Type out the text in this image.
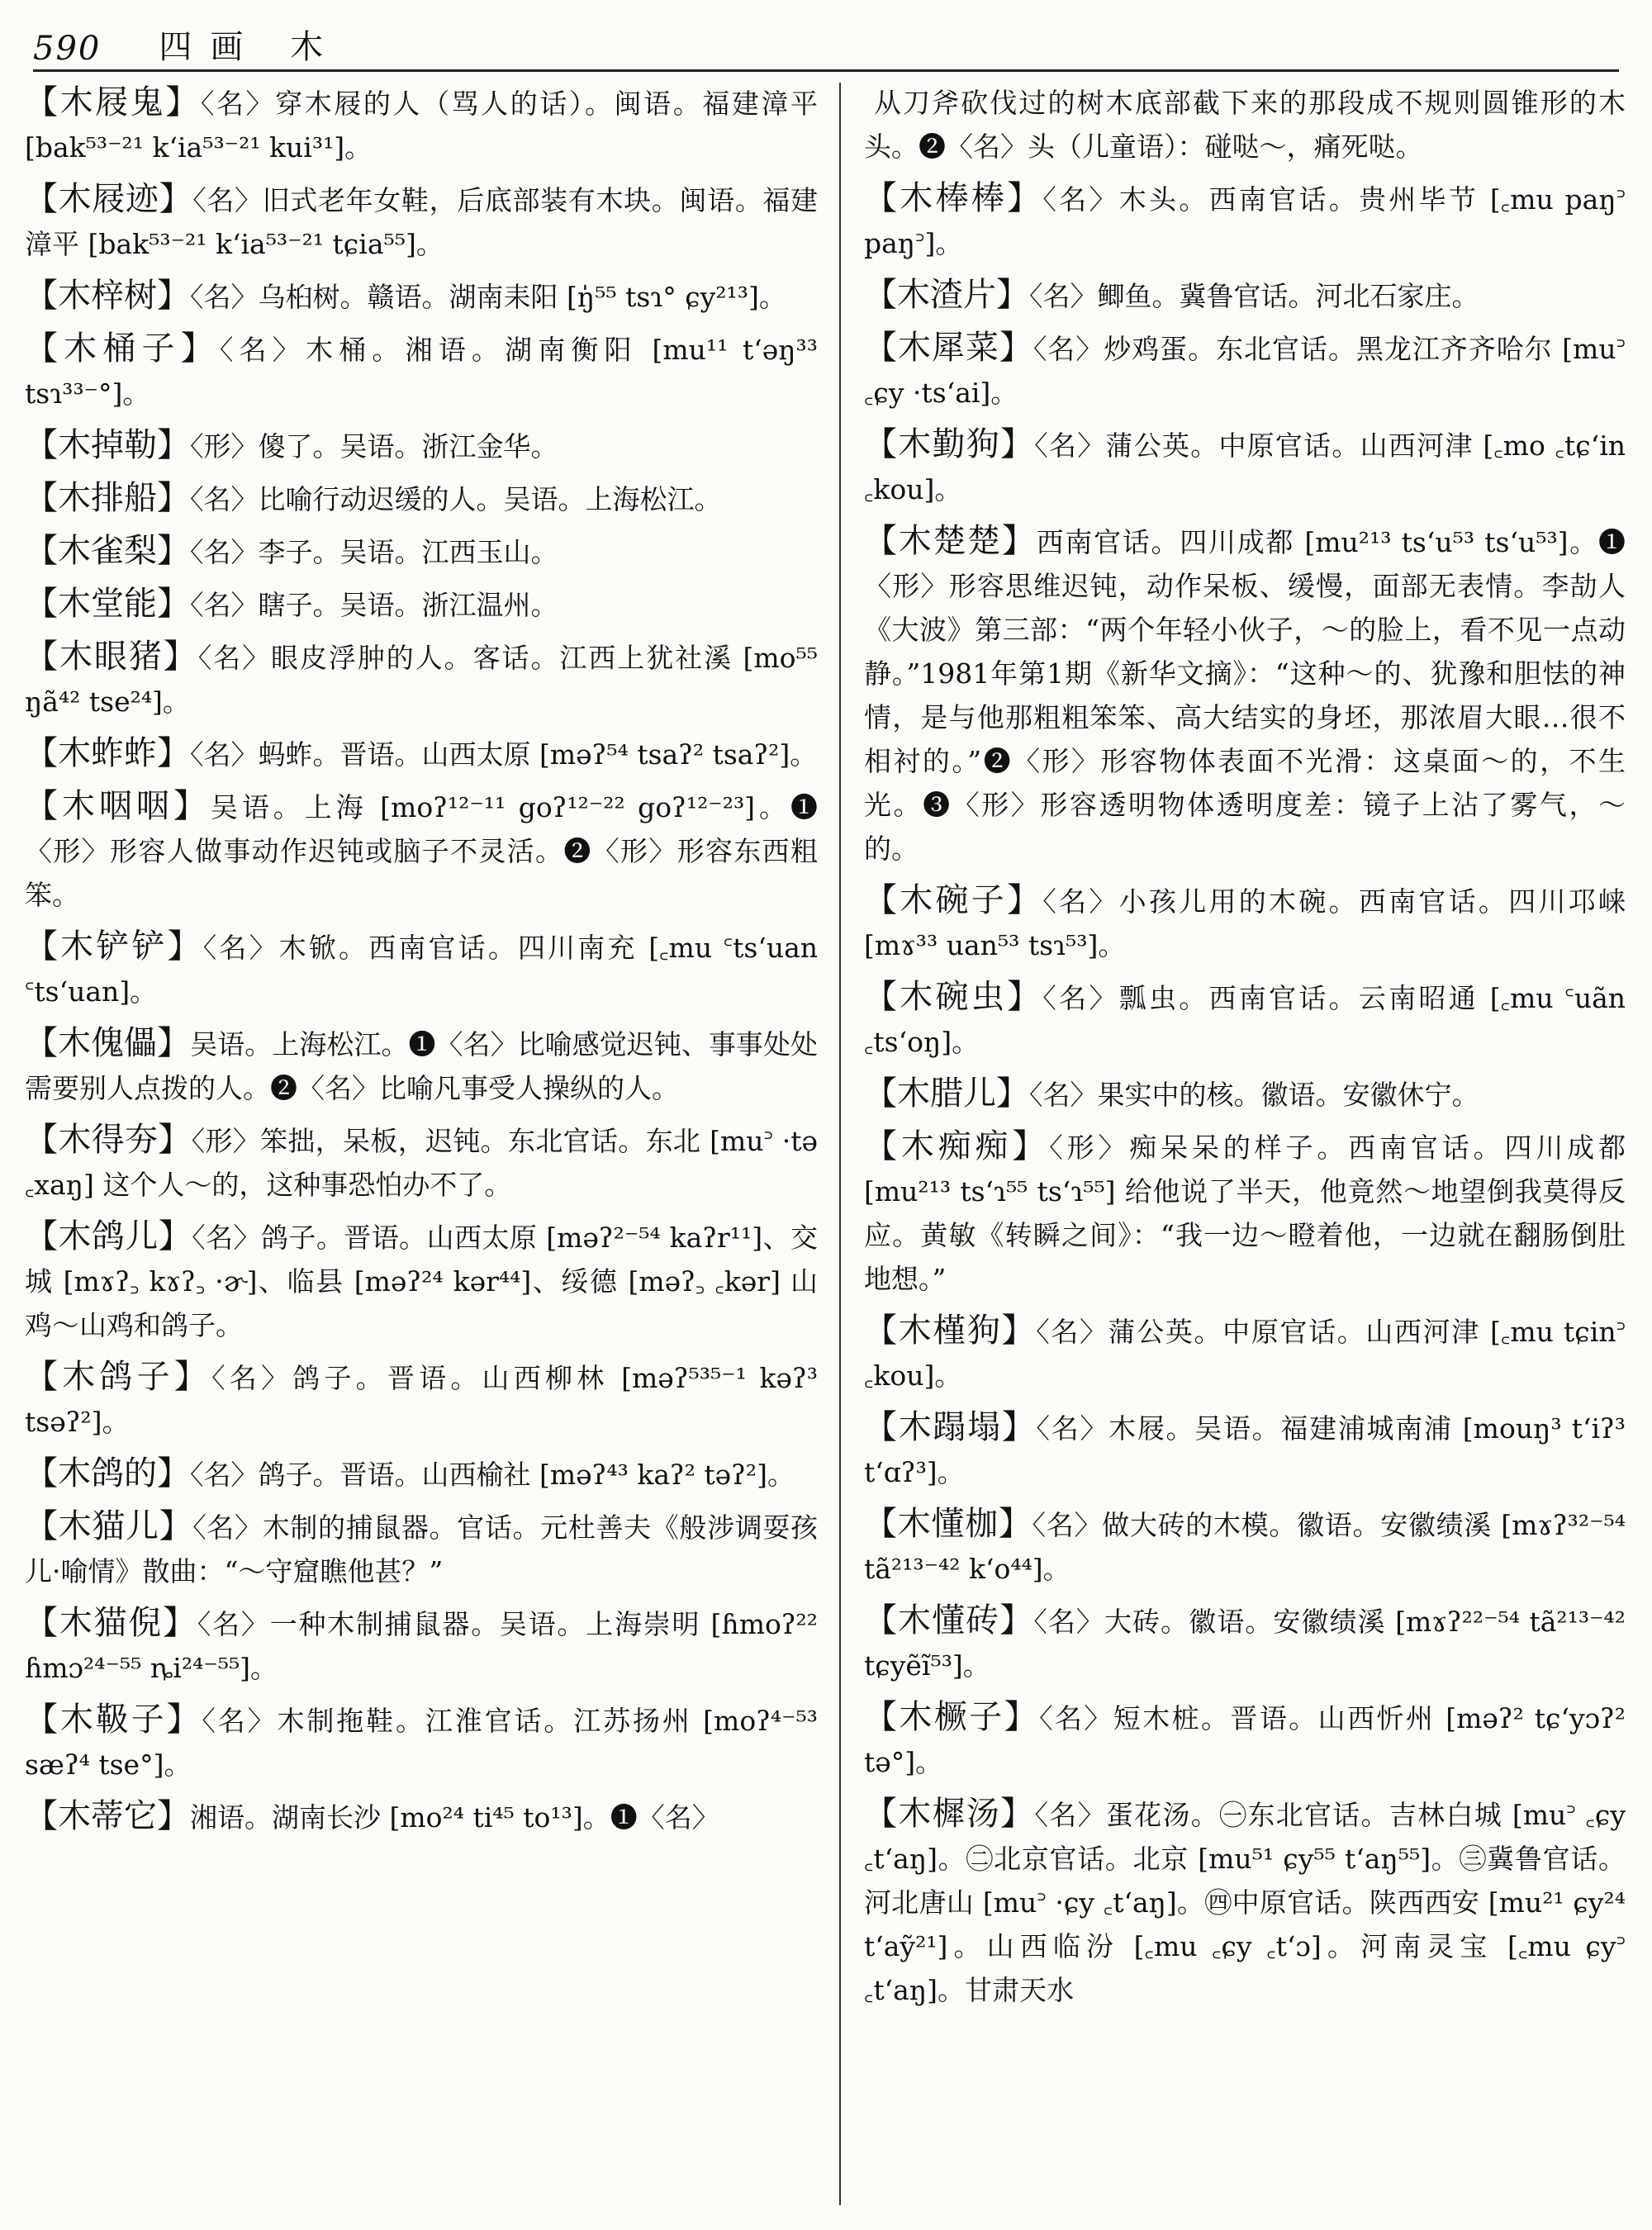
590 四画 木

【木屐鬼】〈名〉穿木屐的人（骂人的话）。闽语。福建漳平 [bak⁵³⁻²¹ k‘ia⁵³⁻²¹ kui³¹]。

【木屐迹】〈名〉旧式老年女鞋，后底部装有木块。闽语。福建漳平 [bak⁵³⁻²¹ k‘ia⁵³⁻²¹ tɕia⁵⁵]。

【木梓树】〈名〉乌桕树。赣语。湖南耒阳 [ŋ̍⁵⁵ tsɿ° ɕy²¹³]。

【木桶子】〈名〉木桶。湘语。湖南衡阳 [mu¹¹ t‘əŋ³³ tsɿ³³⁻°]。

【木掉勒】〈形〉傻了。吴语。浙江金华。

【木排船】〈名〉比喻行动迟缓的人。吴语。上海松江。

【木雀梨】〈名〉李子。吴语。江西玉山。

【木堂能】〈名〉瞎子。吴语。浙江温州。

【木眼猪】〈名〉眼皮浮肿的人。客话。江西上犹社溪 [mo⁵⁵ ŋã⁴² tse²⁴]。

【木蚱蚱】〈名〉蚂蚱。晋语。山西太原 [məʔ⁵⁴ tsaʔ² tsaʔ²]。

【木咽咽】吴语。上海 [moʔ¹²⁻¹¹ goʔ¹²⁻²² goʔ¹²⁻²³]。❶〈形〉形容人做事动作迟钝或脑子不灵活。❷〈形〉形容东西粗笨。

【木铲铲】〈名〉木锨。西南官话。四川南充 [꜀mu ꜂ts‘uan ꜂ts‘uan]。

【木傀儡】吴语。上海松江。❶〈名〉比喻感觉迟钝、事事处处需要别人点拨的人。❷〈名〉比喻凡事受人操纵的人。

【木得夯】〈形〉笨拙，呆板，迟钝。东北官话。东北 [mu꜄ ·tə ꜀xaŋ] 这个人～的，这种事恐怕办不了。

【木鸽儿】〈名〉鸽子。晋语。山西太原 [məʔ²⁻⁵⁴ kaʔr¹¹]、交城 [mɤʔ꜆ kɤʔ꜆ ·ɚ]、临县 [məʔ²⁴ kər⁴⁴]、绥德 [məʔ꜆ ꜀kər] 山鸡～山鸡和鸽子。

【木鸽子】〈名〉鸽子。晋语。山西柳林 [məʔ⁵³⁵⁻¹ kəʔ³ tsəʔ²]。

【木鸽的】〈名〉鸽子。晋语。山西榆社 [məʔ⁴³ kaʔ² təʔ²]。

【木猫儿】〈名〉木制的捕鼠器。官话。元杜善夫《般涉调耍孩儿·喻情》散曲：“～守窟瞧他甚？”

【木猫倪】〈名〉一种木制捕鼠器。吴语。上海崇明 [ɦmoʔ²² ɦmɔ²⁴⁻⁵⁵ ȵi²⁴⁻⁵⁵]。

【木靸子】〈名〉木制拖鞋。江淮官话。江苏扬州 [moʔ⁴⁻⁵³ sæʔ⁴ tse°]。

【木蒂它】湘语。湖南长沙 [mo²⁴ ti⁴⁵ to¹³]。❶〈名〉

从刀斧砍伐过的树木底部截下来的那段成不规则圆锥形的木头。❷〈名〉头（儿童语）：碰哒～，痛死哒。

【木棒棒】〈名〉木头。西南官话。贵州毕节 [꜀mu paŋ꜄ paŋ꜄]。

【木渣片】〈名〉鲫鱼。冀鲁官话。河北石家庄。

【木犀菜】〈名〉炒鸡蛋。东北官话。黑龙江齐齐哈尔 [mu꜄ ꜀ɕy ·ts‘ai]。

【木勤狗】〈名〉蒲公英。中原官话。山西河津 [꜀mo ꜀tɕ‘in ꜀kou]。

【木楚楚】西南官话。四川成都 [mu²¹³ ts‘u⁵³ ts‘u⁵³]。❶〈形〉形容思维迟钝，动作呆板、缓慢，面部无表情。李劼人《大波》第三部：“两个年轻小伙子，～的脸上，看不见一点动静。”1981年第1期《新华文摘》：“这种～的、犹豫和胆怯的神情，是与他那粗粗笨笨、高大结实的身坯，那浓眉大眼…很不相衬的。”❷〈形〉形容物体表面不光滑：这桌面～的，不生光。❸〈形〉形容透明物体透明度差：镜子上沾了雾气，～的。

【木碗子】〈名〉小孩儿用的木碗。西南官话。四川邛崃 [mɤ³³ uan⁵³ tsɿ⁵³]。

【木碗虫】〈名〉瓢虫。西南官话。云南昭通 [꜀mu ꜂uãn ꜀ts‘oŋ]。

【木腊儿】〈名〉果实中的核。徽语。安徽休宁。

【木痴痴】〈形〉痴呆呆的样子。西南官话。四川成都 [mu²¹³ ts‘ɿ⁵⁵ ts‘ɿ⁵⁵] 给他说了半天，他竟然～地望倒我莫得反应。黄敏《转瞬之间》：“我一边～瞪着他，一边就在翻肠倒肚地想。”

【木槿狗】〈名〉蒲公英。中原官话。山西河津 [꜀mu tɕin꜄ ꜀kou]。

【木蹋塌】〈名〉木屐。吴语。福建浦城南浦 [mouŋ³ t‘iʔ³ t‘ɑʔ³]。

【木懂枷】〈名〉做大砖的木模。徽语。安徽绩溪 [mɤʔ³²⁻⁵⁴ tã²¹³⁻⁴² k‘o⁴⁴]。

【木懂砖】〈名〉大砖。徽语。安徽绩溪 [mɤʔ²²⁻⁵⁴ tã²¹³⁻⁴² tɕyẽĩ⁵³]。

【木橛子】〈名〉短木桩。晋语。山西忻州 [məʔ² tɕ‘yɔʔ² tə°]。

【木樨汤】〈名〉蛋花汤。㊀东北官话。吉林白城 [mu꜄ ꜀ɕy ꜀t‘aŋ]。㊁北京官话。北京 [mu⁵¹ ɕy⁵⁵ t‘aŋ⁵⁵]。㊂冀鲁官话。河北唐山 [mu꜄ ·ɕy ꜀t‘aŋ]。㊃中原官话。陕西西安 [mu²¹ ɕy²⁴ t‘aỹ²¹]。山西临汾 [꜀mu ꜀ɕy ꜀t‘ɔ]。河南灵宝 [꜀mu ɕy꜄ ꜀t‘aŋ]。甘肃天水
